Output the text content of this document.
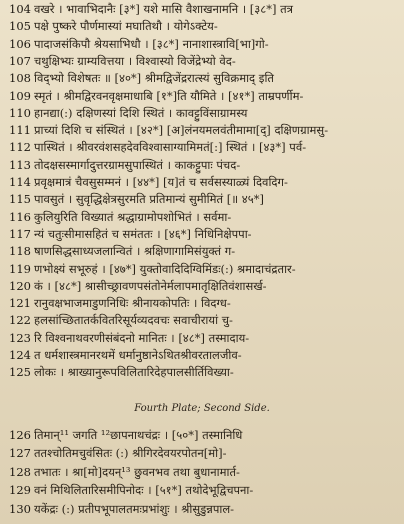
104 वखरे । भावाभिदानैः [३*] यशे मासि वैशाखनामनि । [३८*] तत्र
105 पक्षे पुष्करे पौर्णमास्यां मघातिथौ । योगेऽक्टेय-
106 पादाजसंकिपौ श्रेयसाभिधौ । [३८*] नानाशास्त्रावि[भा]गो-
107 चथुक्षिभ्यः ग्राम्यवित्तया । विश्वास्यो विजेंद्रेभ्यो वेद-
108 विद्भ्यो विशेषतः ॥ [४०*] श्रीमद्विजेंद्ररात्स्यं सुविक्रमाद् इति
109 स्मृतं । श्रीमद्विरवनवृक्षमाधाबि [१*]ति यौमिते । [४१*] ताम्रपर्णीम-
110 हानद्या(:) दक्षिणस्यां दिशि स्थितं । कावट्टुविंसाग्रामस्य
111 प्राच्यां दिशि च संस्थितं । [४२*] [अ]लंनयमलवंतीमामा[द्] दक्षिणग्रामसु-
112 पास्थितं । श्रीवरवंशसहदेवविश्वासाग्यामिमतं[:] स्थितं । [४३*] पर्व-
113 तोदक्षसस्मार्गादुत्तरग्रामसुपास्थितं । काकट्टुपाः पंचद-
114 प्रवृक्षमात्रं चैवसुसम्मनं । [४४*] [य]तं च सर्वसस्याळ्यं दिवदिग-
115 पावसुतं । सुवृद्धिक्षेत्रसुरमति प्रतिमान्यं सुमीमितं [॥ ४५*]
116 कुलियुरिति विख्यातं श्रद्धाग्रामोपशोभितं । सर्वमा-
117 न्यं चतुःसीमासहितं च समंततः । [४६*] निधिनिक्षेपपा-
118 षाणसिद्धसाध्यजलान्वितं । श्रक्षिणागामिसंयुक्तं ग-
119 णभोक्ष्यं सभूरुहं । [४७*] युक्तोवादिदिग्विमिंडः(:) श्रमादाचंद्रतार-
120 कं । [४८*] श्रासीच्छ्रावणपसंतोनेर्मलापमातृक्षितिवंशासर्ख-
121 रानुवक्षभाजमाडुणनिधिः श्रीनायकोपतिः । विदग्ध-
122 हलसांच्छितातर्कवितरिसूर्यव्यदवचः सवाचीरायां चु-
123 रि विश्वनाथवरणीसंबंदनो मानितः । [४८*] तस्मादाय-
124 त धर्मशास्त्रमानरथमें धर्मानुष्ठानेऽथितश्रीवरतालजीव-
125 लोकः । श्राख्यानुरूपविलितारिदेहपालसीर्तिविख्या-
Fourth Plate; Second Side.
126 तिमान्¹¹ जगति ¹²छापनाथचंद्रः । [५०*] तस्मानिधि
127 ततश्चोतिमचुवंसितः (:) श्रीगिरदेवयरपोतन[मो]-
128 तभातः । श्रा[मो]दयन्¹³ छुवनभव तथा बुधानामार्त-
129 वनं मिथिलितारिसमीपिनोदः । [५१*] तथोदेभूद्विचपना-
130 यकेंद्रः (:) प्रतीपभूपालतमःप्रभांशुः । श्रीसुडुन्नपाल-
